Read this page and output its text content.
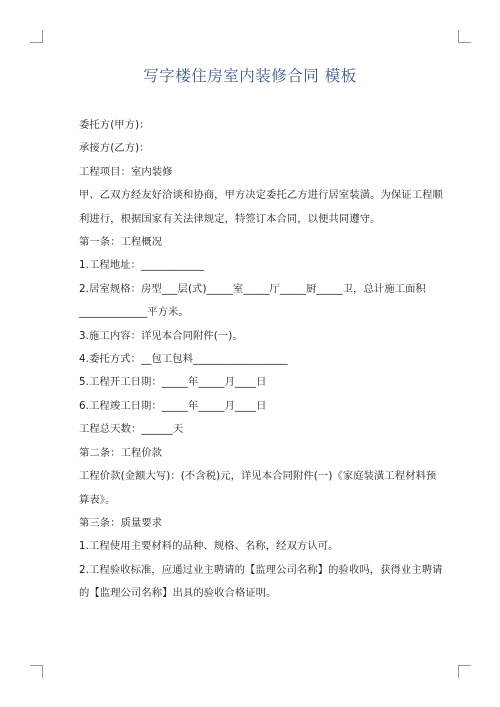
写字楼住房室内装修合同 模板

委托方(甲方)：

承接方(乙方)：

工程项目：室内装修

甲、乙双方经友好洽谈和协商，甲方决定委托乙方进行居室装潢。为保证工程顺利进行，根据国家有关法律规定，特签订本合同，以便共同遵守。

第一条：工程概况

1.工程地址：____________

2.居室规格：房型___层(式)_____室_____厅_____厨_____卫，总计施工面积_____________平方米。

3.施工内容：详见本合同附件(一)。

4.委托方式：__包工包料__________________

5.工程开工日期：_____年_____月____日

6.工程竣工日期：_____年_____月____日

工程总天数：______天

第二条：工程价款

工程价款(金额大写)：(不含税)元，详见本合同附件(一)《家庭装潢工程材料预算表》。

第三条：质量要求

1.工程使用主要材料的品种、规格、名称，经双方认可。

2.工程验收标准，应通过业主聘请的【监理公司名称】的验收吗，获得业主聘请的【监理公司名称】出具的验收合格证明。
